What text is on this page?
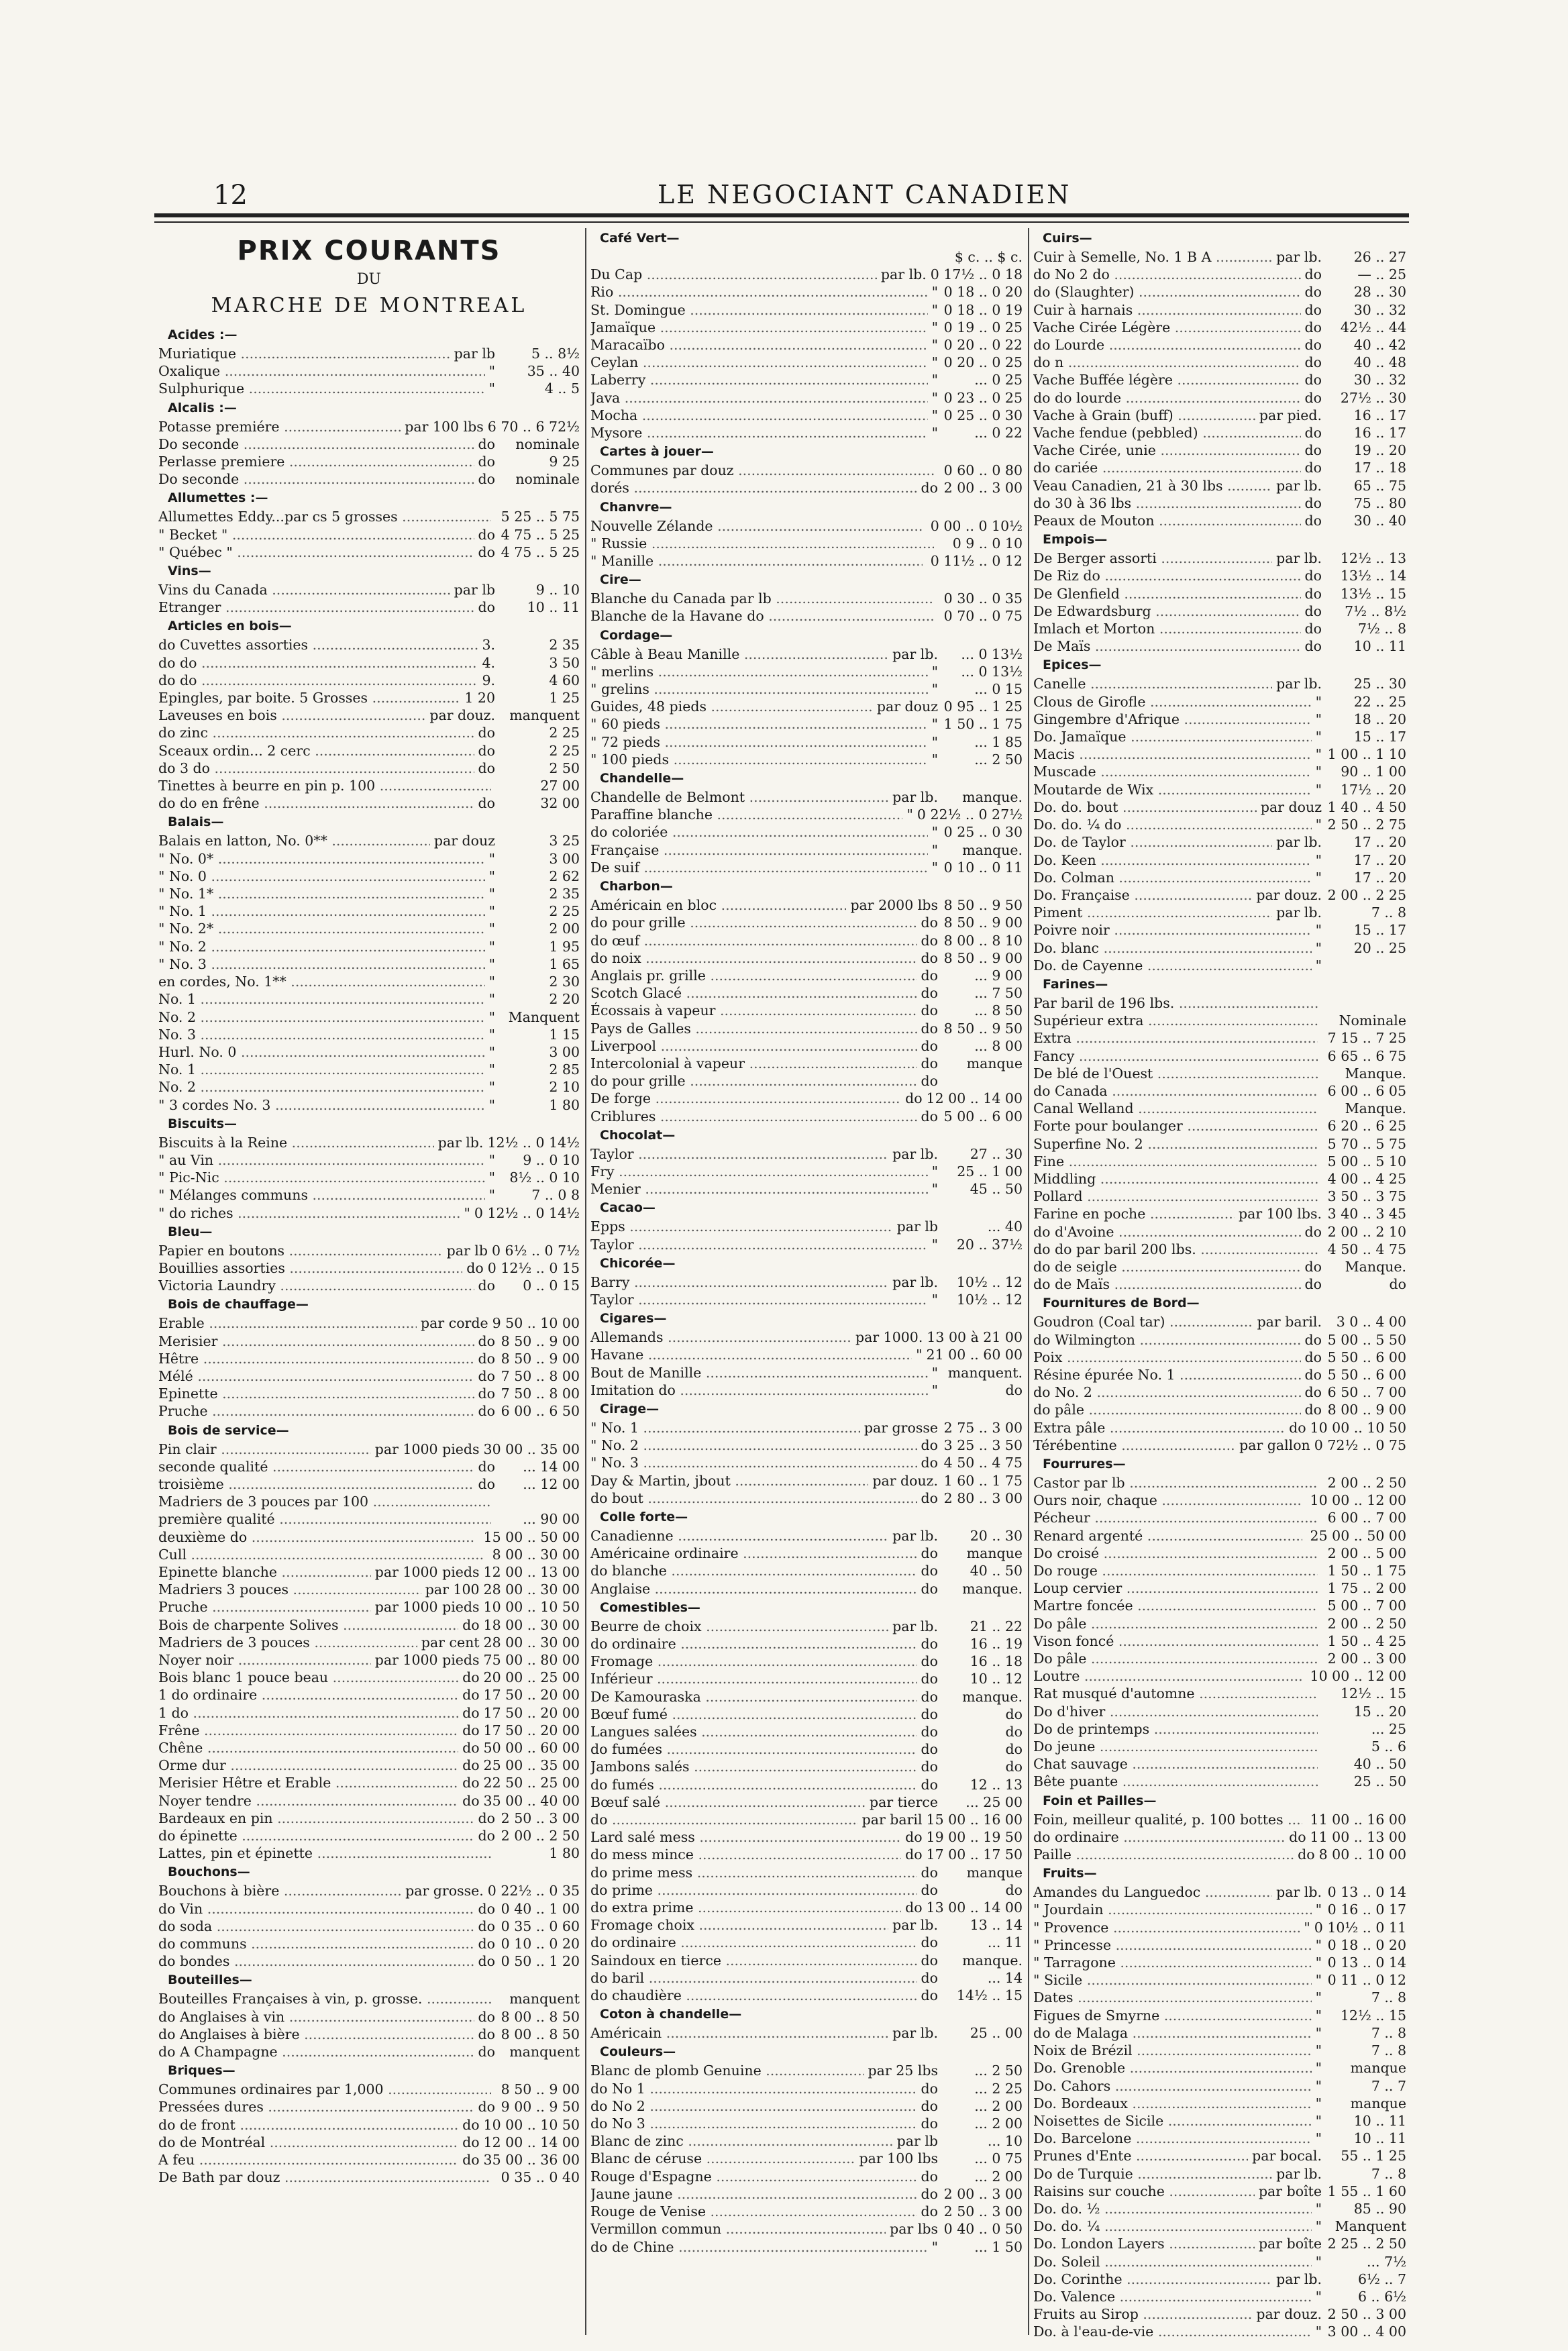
12	LE NEGOCIANT CANADIEN
PRIX COURANTS
DU
MARCHE DE MONTREAL
Acides :—
Muriatique .....	par lb	5 .. 8½
Oxalique .....	"	35 .. 40
Sulphurique .....	"	4 .. 5
Alcalis :—
Potasse premiére .....	par 100 lbs 6 70 .. 6 72½
Do seconde .....	do	nominale
Perlasse premiere .....	do	9 25
Do seconde .....	do	nominale
Allumettes :—
Allumettes Eddy...par cs 5 grosses .....	5 25 .. 5 75
" Becket " .....	do 4 75 .. 5 25
" Québec " .....	do 4 75 .. 5 25
Vins—
Vins du Canada .....	par lb	9 .. 10
Etranger .....	do	10 .. 11
Articles en bois—
do Cuvettes assorties .....	3.	2 35
do do .....	4.	3 50
do do .....	9.	4 60
Epingles, par boite. 5 Grosses .....	1 20	1 25
Laveuses en bois .....	par douz.	manquent
do zinc .....	do	2 25
Sceaux ordin... 2 cerc .....	do	2 25
do 3 do .....	do	2 50
Tinettes à beurre en pin p. 100 .....	27 00
do do en frêne .....	do	32 00
Balais—
Balais en latton, No. 0** .....	par douz	3 25
" No. 0* .....	"	3 00
" No. 0 .....	"	2 62
" No. 1* .....	"	2 35
" No. 1 .....	"	2 25
" No. 2* .....	"	2 00
" No. 2 .....	"	1 95
" No. 3 .....	"	1 65
en cordes, No. 1** .....	"	2 30
No. 1 .....	"	2 20
No. 2 .....	" Manquent
No. 3 .....	"	1 15
Hurl. No. 0 .....	"	3 00
No. 1 .....	"	2 85
No. 2 .....	"	2 10
" 3 cordes No. 3 .....	"	1 80
Biscuits—
Biscuits à la Reine .....	par lb. 12½ .. 0 14½
" au Vin .....	"	9 .. 0 10
" Pic-Nic .....	"	8½ .. 0 10
" Mélanges communs .....	"	7 .. 0 8
" do riches .....	" 0 12½ .. 0 14½
Bleu—
Papier en boutons .....	par lb 0 6½ .. 0 7½
Bouillies assorties .....	do 0 12½ .. 0 15
Victoria Laundry .....	do	0 .. 0 15
Bois de chauffage—
Erable .....	par corde 9 50 .. 10 00
Merisier .....	do 8 50 .. 9 00
Hêtre .....	do 8 50 .. 9 00
Mélé .....	do 7 50 .. 8 00
Epinette .....	do 7 50 .. 8 00
Pruche .....	do 6 00 .. 6 50
Bois de service—
Pin clair .....	par 1000 pieds 30 00 .. 35 00
seconde qualité .....	do	... 14 00
troisième .....	do	... 12 00
Madriers de 3 pouces par 100 .....
première qualité .....	... 90 00
deuxième do .....	15 00 .. 50 00
Cull .....	8 00 .. 30 00
Epinette blanche .....	par 1000 pieds 12 00 .. 13 00
Madriers 3 pouces .....	par 100 28 00 .. 30 00
Pruche .....	par 1000 pieds 10 00 .. 10 50
Bois de charpente Solives .....	do 18 00 .. 30 00
Madriers de 3 pouces .....	par cent 28 00 .. 30 00
Noyer noir .....	par 1000 pieds 75 00 .. 80 00
Bois blanc 1 pouce beau .....	do 20 00 .. 25 00
1 do ordinaire .....	do 17 50 .. 20 00
1 do .....	do 17 50 .. 20 00
Frêne .....	do 17 50 .. 20 00
Chêne .....	do 50 00 .. 60 00
Orme dur .....	do 25 00 .. 35 00
Merisier Hêtre et Erable .....	do 22 50 .. 25 00
Noyer tendre .....	do 35 00 .. 40 00
Bardeaux en pin .....	do 2 50 .. 3 00
do épinette .....	do 2 00 .. 2 50
Lattes, pin et épinette .....	1 80
Bouchons—
Bouchons à bière .....	par grosse. 0 22½ .. 0 35
do Vin .....	do 0 40 .. 1 00
do soda .....	do 0 35 .. 0 60
do communs .....	do 0 10 .. 0 20
do bondes .....	do 0 50 .. 1 20
Bouteilles—
Bouteilles Françaises à vin, p. grosse. .....	manquent
do Anglaises à vin .....	do 8 00 .. 8 50
do Anglaises à bière .....	do 8 00 .. 8 50
do A Champagne .....	do	manquent
Briques—
Communes ordinaires par 1,000 .....	8 50 .. 9 00
Pressées dures .....	do 9 00 .. 9 50
do de front .....	do 10 00 .. 10 50
do de Montréal .....	do 12 00 .. 14 00
A feu .....	do 35 00 .. 36 00
De Bath par douz .....	0 35 .. 0 40
Café Vert—
$ c. .. $ c.
Du Cap .....	par lb. 0 17½ .. 0 18
Rio .....	" 0 18 .. 0 20
St. Domingue .....	" 0 18 .. 0 19
Jamaïque .....	" 0 19 .. 0 25
Maracaïbo .....	" 0 20 .. 0 22
Ceylan .....	" 0 20 .. 0 25
Laberry .....	"	... 0 25
Java .....	" 0 23 .. 0 25
Mocha .....	" 0 25 .. 0 30
Mysore .....	"	... 0 22
Cartes à jouer—
Communes par douz .....	0 60 .. 0 80
dorés .....	do 2 00 .. 3 00
Chanvre—
Nouvelle Zélande .....	0 00 .. 0 10½
" Russie .....	0 9 .. 0 10
" Manille .....	0 11½ .. 0 12
Cire—
Blanche du Canada par lb .....	0 30 .. 0 35
Blanche de la Havane do .....	0 70 .. 0 75
Cordage—
Câble à Beau Manille .....	par lb.	... 0 13½
" merlins .....	"	... 0 13½
" grelins .....	"	... 0 15
Guides, 48 pieds .....	par douz 0 95 .. 1 25
" 60 pieds .....	" 1 50 .. 1 75
" 72 pieds .....	"	... 1 85
" 100 pieds .....	"	... 2 50
Chandelle—
Chandelle de Belmont .....	par lb.	manque.
Paraffine blanche .....	" 0 22½ .. 0 27½
do coloriée .....	" 0 25 .. 0 30
Française .....	"	manque.
De suif .....	" 0 10 .. 0 11
Charbon—
Américain en bloc .....	par 2000 lbs 8 50 .. 9 50
do pour grille .....	do 8 50 .. 9 00
do œuf .....	do 8 00 .. 8 10
do noix .....	do 8 50 .. 9 00
Anglais pr. grille .....	do	... 9 00
Scotch Glacé .....	do	... 7 50
Écossais à vapeur .....	do	... 8 50
Pays de Galles .....	do 8 50 .. 9 50
Liverpool .....	do	... 8 00
Intercolonial à vapeur .....	do	manque
do pour grille .....	do
De forge .....	do 12 00 .. 14 00
Criblures .....	do 5 00 .. 6 00
Chocolat—
Taylor .....	par lb.	27 .. 30
Fry .....	"	25 .. 1 00
Menier .....	"	45 .. 50
Cacao—
Epps .....	par lb	... 40
Taylor .....	"	20 .. 37½
Chicorée—
Barry .....	par lb.	10½ .. 12
Taylor .....	"	10½ .. 12
Cigares—
Allemands .....	par 1000. 13 00 à 21 00
Havane .....	" 21 00 .. 60 00
Bout de Manille .....	" manquent.
Imitation do .....	"	do
Cirage—
" No. 1 .....	par grosse 2 75 .. 3 00
" No. 2 .....	do 3 25 .. 3 50
" No. 3 .....	do 4 50 .. 4 75
Day & Martin, jbout .....	par douz. 1 60 .. 1 75
do bout .....	do 2 80 .. 3 00
Colle forte—
Canadienne .....	par lb.	20 .. 30
Américaine ordinaire .....	do	manque
do blanche .....	do	40 .. 50
Anglaise .....	do	manque.
Comestibles—
Beurre de choix .....	par lb.	21 .. 22
do ordinaire .....	do	16 .. 19
Fromage .....	do	16 .. 18
Inférieur .....	do	10 .. 12
De Kamouraska .....	do	manque.
Bœuf fumé .....	do	do
Langues salées .....	do	do
do fumées .....	do	do
Jambons salés .....	do	do
do fumés .....	do	12 .. 13
Bœuf salé .....	par tierce	... 25 00
do .....	par baril 15 00 .. 16 00
Lard salé mess .....	do 19 00 .. 19 50
do mess mince .....	do 17 00 .. 17 50
do prime mess .....	do	manque
do prime .....	do	do
do extra prime .....	do 13 00 .. 14 00
Fromage choix .....	par lb.	13 .. 14
do ordinaire .....	do	... 11
Saindoux en tierce .....	do	manque.
do baril .....	do	... 14
do chaudière .....	do	14½ .. 15
Coton à chandelle—
Américain .....	par lb.	25 .. 00
Couleurs—
Blanc de plomb Genuine .....	par 25 lbs	... 2 50
do No 1 .....	do	... 2 25
do No 2 .....	do	... 2 00
do No 3 .....	do	... 2 00
Blanc de zinc .....	par lb	... 10
Blanc de céruse .....	par 100 lbs	... 0 75
Rouge d'Espagne .....	do	... 2 00
Jaune jaune .....	do 2 00 .. 3 00
Rouge de Venise .....	do 2 50 .. 3 00
Vermillon commun .....	par lbs 0 40 .. 0 50
do de Chine .....	"	... 1 50
Cuirs—
Cuir à Semelle, No. 1 B A .....	par lb.	26 .. 27
do No 2 do .....	do	— .. 25
do (Slaughter) .....	do	28 .. 30
Cuir à harnais .....	do	30 .. 32
Vache Cirée Légère .....	do	42½ .. 44
do Lourde .....	do	40 .. 42
do n .....	do	40 .. 48
Vache Buffée légère .....	do	30 .. 32
do do lourde .....	do	27½ .. 30
Vache à Grain (buff) .....	par pied.	16 .. 17
Vache fendue (pebbled) .....	do	16 .. 17
Vache Cirée, unie .....	do	19 .. 20
do cariée .....	do	17 .. 18
Veau Canadien, 21 à 30 lbs .....	par lb.	65 .. 75
do 30 à 36 lbs .....	do	75 .. 80
Peaux de Mouton .....	do	30 .. 40
Empois—
De Berger assorti .....	par lb.	12½ .. 13
De Riz do .....	do	13½ .. 14
De Glenfield .....	do	13½ .. 15
De Edwardsburg .....	do	7½ .. 8½
Imlach et Morton .....	do	7½ .. 8
De Maïs .....	do	10 .. 11
Epices—
Canelle .....	par lb.	25 .. 30
Clous de Girofle .....	"	22 .. 25
Gingembre d'Afrique .....	"	18 .. 20
Do. Jamaïque .....	"	15 .. 17
Macis .....	" 1 00 .. 1 10
Muscade .....	"	90 .. 1 00
Moutarde de Wix .....	"	17½ .. 20
Do. do. bout .....	par douz 1 40 .. 4 50
Do. do. ¼ do .....	" 2 50 .. 2 75
Do. de Taylor .....	par lb.	17 .. 20
Do. Keen .....	"	17 .. 20
Do. Colman .....	"	17 .. 20
Do. Française .....	par douz. 2 00 .. 2 25
Piment .....	par lb.	7 .. 8
Poivre noir .....	"	15 .. 17
Do. blanc .....	"	20 .. 25
Do. de Cayenne .....	"
Farines—
Par baril de 196 lbs. .....
Supérieur extra .....	Nominale
Extra .....	7 15 .. 7 25
Fancy .....	6 65 .. 6 75
De blé de l'Ouest .....	Manque.
do Canada .....	6 00 .. 6 05
Canal Welland .....	Manque.
Forte pour boulanger .....	6 20 .. 6 25
Superfine No. 2 .....	5 70 .. 5 75
Fine .....	5 00 .. 5 10
Middling .....	4 00 .. 4 25
Pollard .....	3 50 .. 3 75
Farine en poche .....	par 100 lbs. 3 40 .. 3 45
do d'Avoine .....	do 2 00 .. 2 10
do do par baril 200 lbs. .....	4 50 .. 4 75
do de seigle .....	do	Manque.
do de Maïs .....	do	do
Fournitures de Bord—
Goudron (Coal tar) .....	par baril.	3 0 .. 4 00
do Wilmington .....	do 5 00 .. 5 50
Poix .....	do 5 50 .. 6 00
Résine épurée No. 1 .....	do 5 50 .. 6 00
do No. 2 .....	do 6 50 .. 7 00
do pâle .....	do 8 00 .. 9 00
Extra pâle .....	do 10 00 .. 10 50
Térébentine .....	par gallon 0 72½ .. 0 75
Fourrures—
Castor par lb .....	2 00 .. 2 50
Ours noir, chaque .....	10 00 .. 12 00
Pécheur .....	6 00 .. 7 00
Renard argenté .....	25 00 .. 50 00
Do croisé .....	2 00 .. 5 00
Do rouge .....	1 50 .. 1 75
Loup cervier .....	1 75 .. 2 00
Martre foncée .....	5 00 .. 7 00
Do pâle .....	2 00 .. 2 50
Vison foncé .....	1 50 .. 4 25
Do pâle .....	2 00 .. 3 00
Loutre .....	10 00 .. 12 00
Rat musqué d'automne .....	12½ .. 15
Do d'hiver .....	15 .. 20
Do de printemps .....	... 25
Do jeune .....	5 .. 6
Chat sauvage .....	40 .. 50
Bête puante .....	25 .. 50
Foin et Pailles—
Foin, meilleur qualité, p. 100 bottes .....	11 00 .. 16 00
do ordinaire .....	do 11 00 .. 13 00
Paille .....	do 8 00 .. 10 00
Fruits—
Amandes du Languedoc .....	par lb. 0 13 .. 0 14
" Jourdain .....	" 0 16 .. 0 17
" Provence .....	" 0 10½ .. 0 11
" Princesse .....	" 0 18 .. 0 20
" Tarragone .....	" 0 13 .. 0 14
" Sicile .....	" 0 11 .. 0 12
Dates .....	"	7 .. 8
Figues de Smyrne .....	"	12½ .. 15
do de Malaga .....	"	7 .. 8
Noix de Brézil .....	"	7 .. 8
Do. Grenoble .....	"	manque
Do. Cahors .....	"	7 .. 7
Do. Bordeaux .....	"	manque
Noisettes de Sicile .....	"	10 .. 11
Do. Barcelone .....	"	10 .. 11
Prunes d'Ente .....	par bocal.	55 .. 1 25
Do de Turquie .....	par lb.	7 .. 8
Raisins sur couche .....	par boîte 1 55 .. 1 60
Do. do. ½ .....	"	85 .. 90
Do. do. ¼ .....	" Manquent
Do. London Layers .....	par boîte 2 25 .. 2 50
Do. Soleil .....	"	... 7½
Do. Corinthe .....	par lb.	6½ .. 7
Do. Valence .....	"	6 .. 6½
Fruits au Sirop .....	par douz. 2 50 .. 3 00
Do. à l'eau-de-vie .....	" 3 00 .. 4 00
